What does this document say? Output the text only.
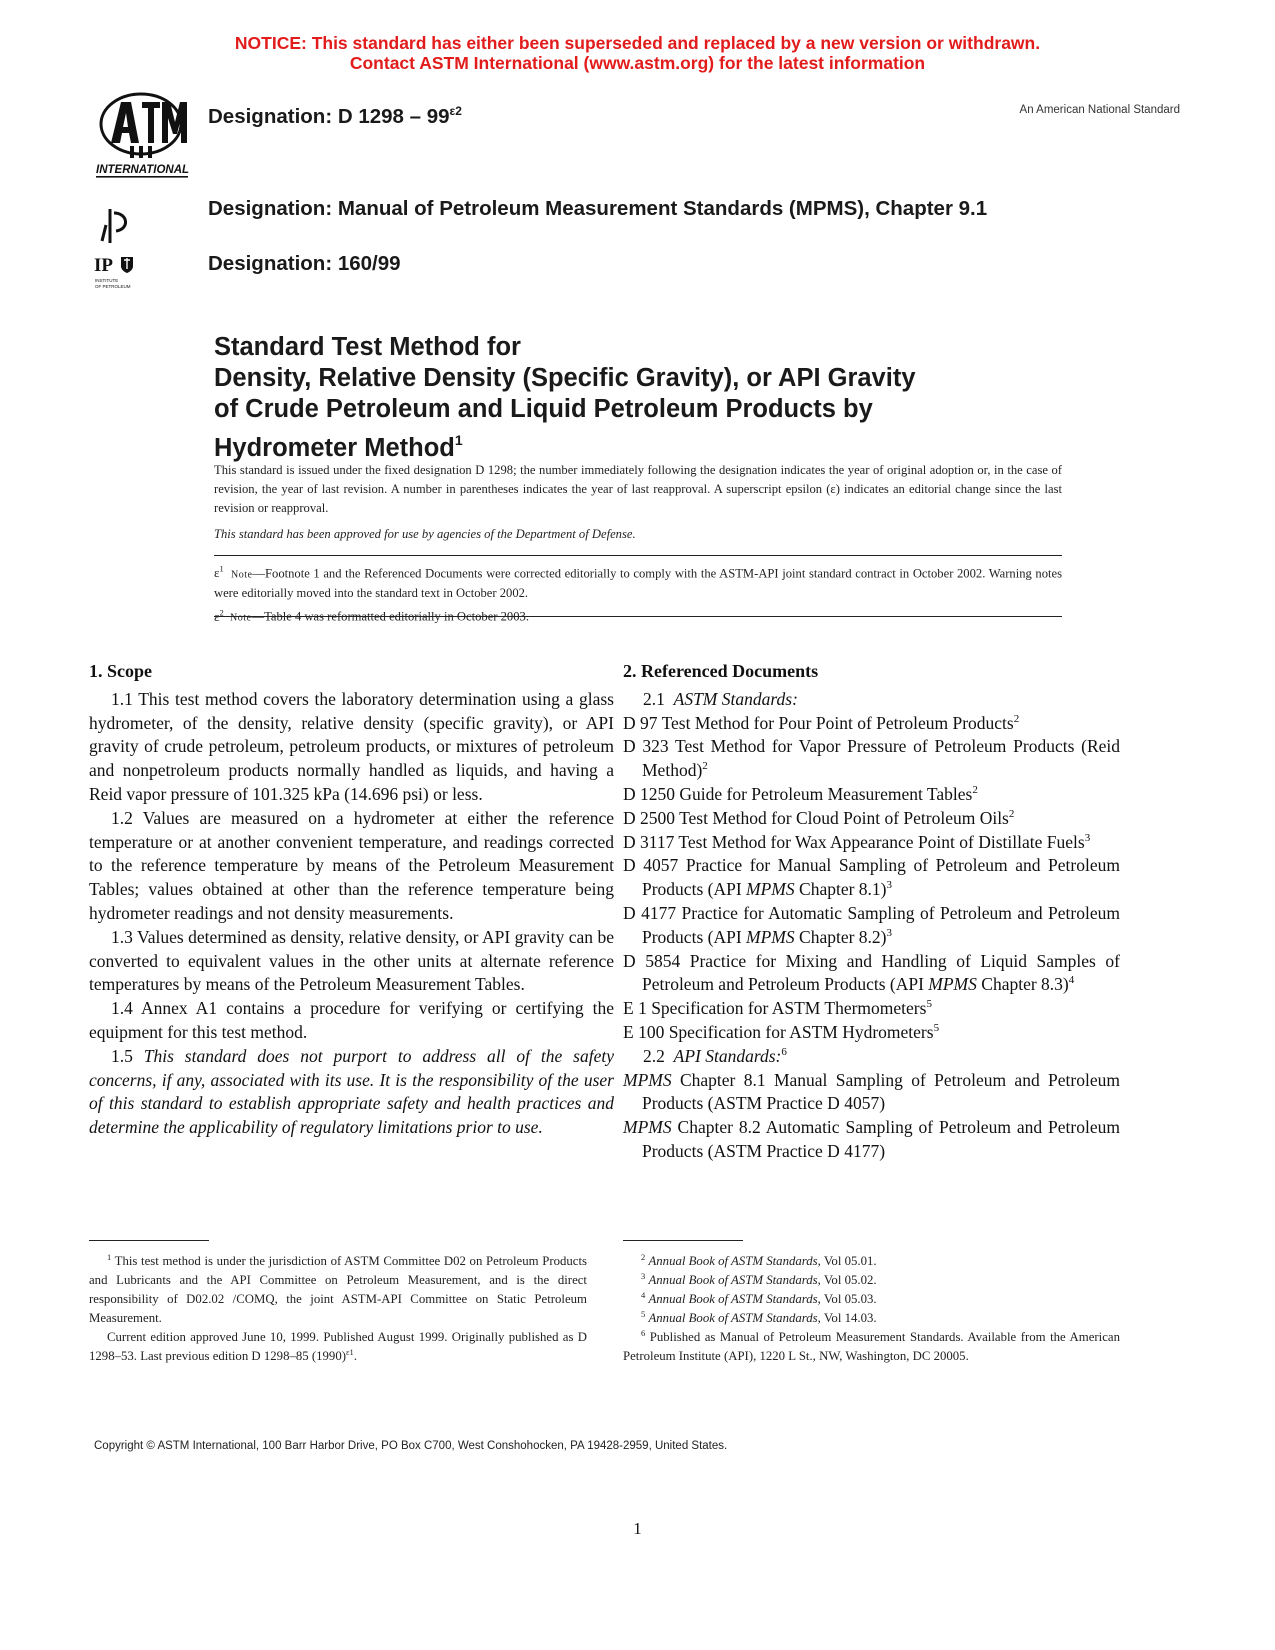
NOTICE: This standard has either been superseded and replaced by a new version or withdrawn.
Contact ASTM International (www.astm.org) for the latest information
INTERNATIONAL
IP
INSTITUTE
OF PETROLEUM
Designation: D $1298 - 99^{\varepsilon 2}$	An American National Standard
Designation: Manual of Petroleum Measurement Standards (MPMS), Chapter 9.1
Designation: 160/99
Standard Test Method for
Density, Relative Density (Specific Gravity), or API Gravity
of Crude Petroleum and Liquid Petroleum Products by
Hydrometer Method$^1$
This standard is issued under the fixed designation D 1298; the number immediately following the designation indicates the year of original adoption or, in the case of revision, the year of last revision. A number in parentheses indicates the year of last reapproval. A superscript epsilon (ε) indicates an editorial change since the last revision or reapproval.
This standard has been approved for use by agencies of the Department of Defense.

$\varepsilon^1$  Note—Footnote 1 and the Referenced Documents were corrected editorially to comply with the ASTM-API joint standard contract in October 2002. Warning notes were editorially moved into the standard text in October 2002.

$\varepsilon^2$  Note—Table 4 was reformatted editorially in October 2003.

1. Scope

1.1 This test method covers the laboratory determination using a glass hydrometer, of the density, relative density (specific gravity), or API gravity of crude petroleum, petroleum products, or mixtures of petroleum and nonpetroleum products normally handled as liquids, and having a Reid vapor pressure of 101.325 kPa (14.696 psi) or less.

1.2 Values are measured on a hydrometer at either the reference temperature or at another convenient temperature, and readings corrected to the reference temperature by means of the Petroleum Measurement Tables; values obtained at other than the reference temperature being hydrometer readings and not density measurements.

1.3 Values determined as density, relative density, or API gravity can be converted to equivalent values in the other units at alternate reference temperatures by means of the Petroleum Measurement Tables.

1.4 Annex A1 contains a procedure for verifying or certifying the equipment for this test method.

1.5 This standard does not purport to address all of the safety concerns, if any, associated with its use. It is the responsibility of the user of this standard to establish appropriate safety and health practices and determine the applicability of regulatory limitations prior to use.

2. Referenced Documents

2.1 ASTM Standards:

D 97 Test Method for Pour Point of Petroleum Products$^2$

D 323 Test Method for Vapor Pressure of Petroleum Products (Reid Method)$^2$

D 1250 Guide for Petroleum Measurement Tables$^2$

D 2500 Test Method for Cloud Point of Petroleum Oils$^2$

D 3117 Test Method for Wax Appearance Point of Distillate Fuels$^3$

D 4057 Practice for Manual Sampling of Petroleum and Petroleum Products (API MPMS Chapter 8.1)$^3$

D 4177 Practice for Automatic Sampling of Petroleum and Petroleum Products (API MPMS Chapter 8.2)$^3$

D 5854 Practice for Mixing and Handling of Liquid Samples of Petroleum and Petroleum Products (API MPMS Chapter 8.3)$^4$

E 1 Specification for ASTM Thermometers$^5$

E 100 Specification for ASTM Hydrometers$^5$

2.2 API Standards:$^6$

MPMS Chapter 8.1 Manual Sampling of Petroleum and Petroleum Products (ASTM Practice D 4057)

MPMS Chapter 8.2 Automatic Sampling of Petroleum and Petroleum Products (ASTM Practice D 4177)

$^1$ This test method is under the jurisdiction of ASTM Committee D02 on Petroleum Products and Lubricants and the API Committee on Petroleum Measurement, and is the direct responsibility of D02.02 /COMQ, the joint ASTM-API Committee on Static Petroleum Measurement.

Current edition approved June 10, 1999. Published August 1999. Originally published as D 1298–53. Last previous edition D 1298–85 $(1990)^{\varepsilon 1}$.

$^2$ Annual Book of ASTM Standards, Vol 05.01.

$^3$ Annual Book of ASTM Standards, Vol 05.02.

$^4$ Annual Book of ASTM Standards, Vol 05.03.

$^5$ Annual Book of ASTM Standards, Vol 14.03.

$^6$ Published as Manual of Petroleum Measurement Standards. Available from the American Petroleum Institute (API), 1220 L St., NW, Washington, DC 20005.

Copyright © ASTM International, 100 Barr Harbor Drive, PO Box C700, West Conshohocken, PA 19428-2959, United States.
1
